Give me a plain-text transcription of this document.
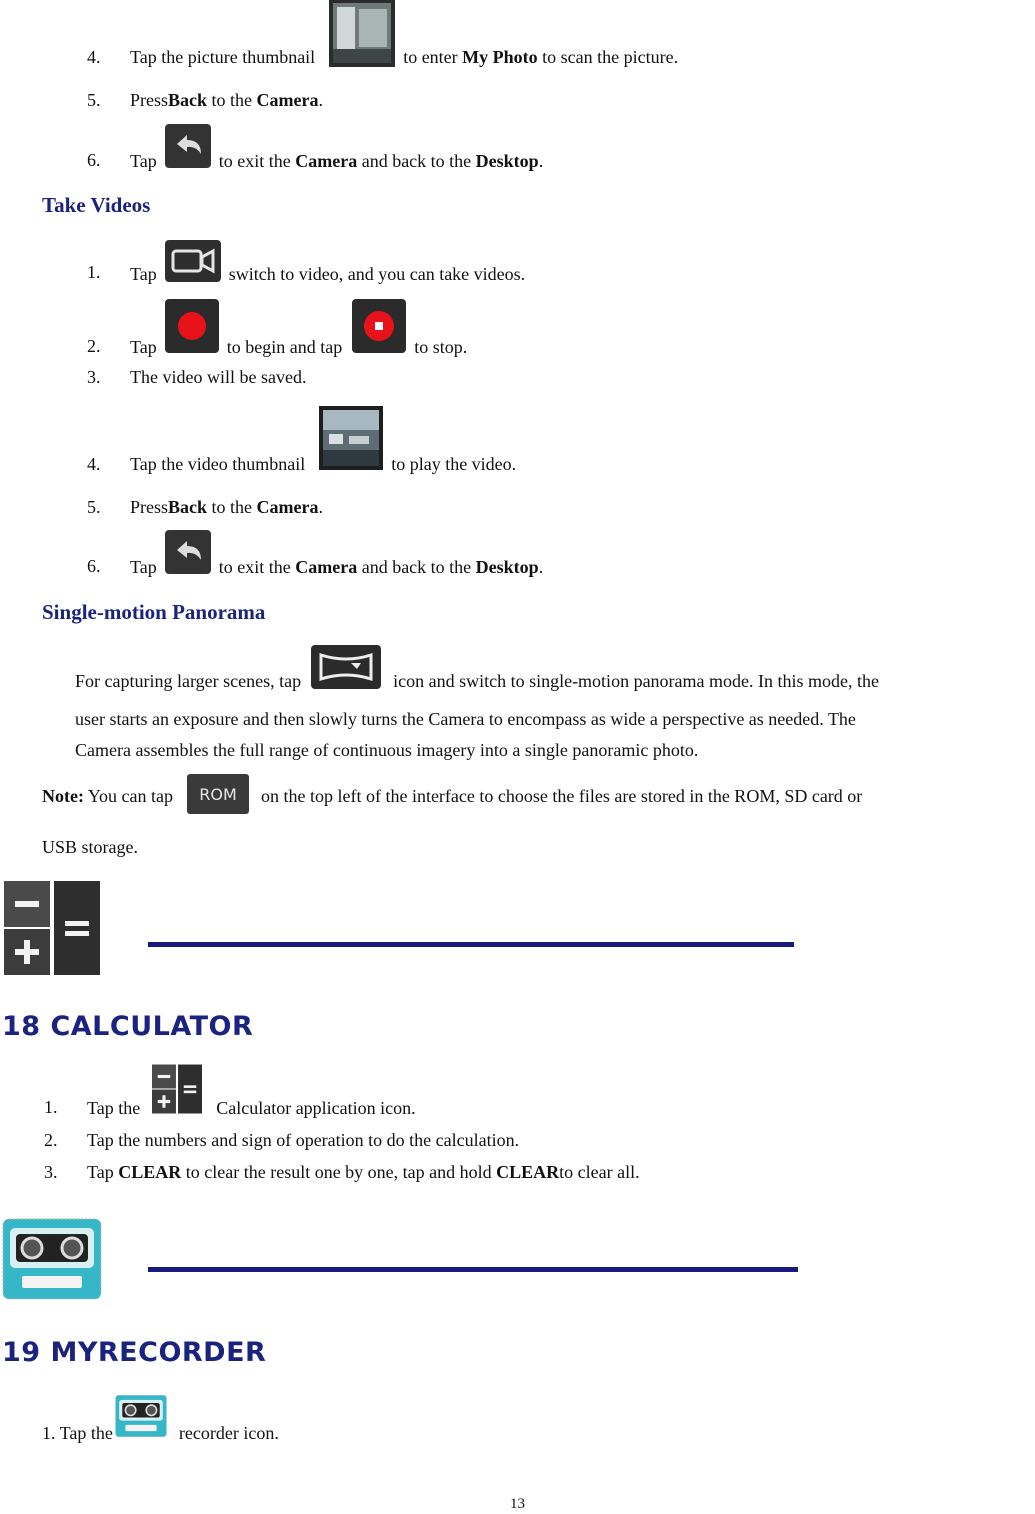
4. Tap the picture thumbnail	to enter My Photo to scan the picture.
5. Press Back to the Camera .
6. Tap	to exit the Camera and back to the Desktop.
Take Videos
1. Tap	switch to video, and you can take videos.
2. Tap	to begin and tap	to stop.
3. The video will be saved.
4. Tap the video thumbnail	to play the video.
5. Press Back to the Camera .
6. Tap	to exit the Camera and back to the Desktop.
Single-motion Panorama
For capturing larger scenes, tap	icon and switch to single-motion panorama mode. In this mode, the
user starts an exposure and then slowly turns the Camera to encompass as wide a perspective as needed. The
Camera assembles the full range of continuous imagery into a single panoramic photo.
Note: You can tap ROM on the top left of the interface to choose the files are stored in the ROM, SD card or
USB storage.
18 CALCULATOR
1. Tap the	Calculator application icon.
2. Tap the numbers and sign of operation to do the calculation.
3. Tap CLEAR to clear the result one by one, tap and hold CLEAR to clear all.
19 MYRECORDER
1. Tap the	recorder icon.
13
